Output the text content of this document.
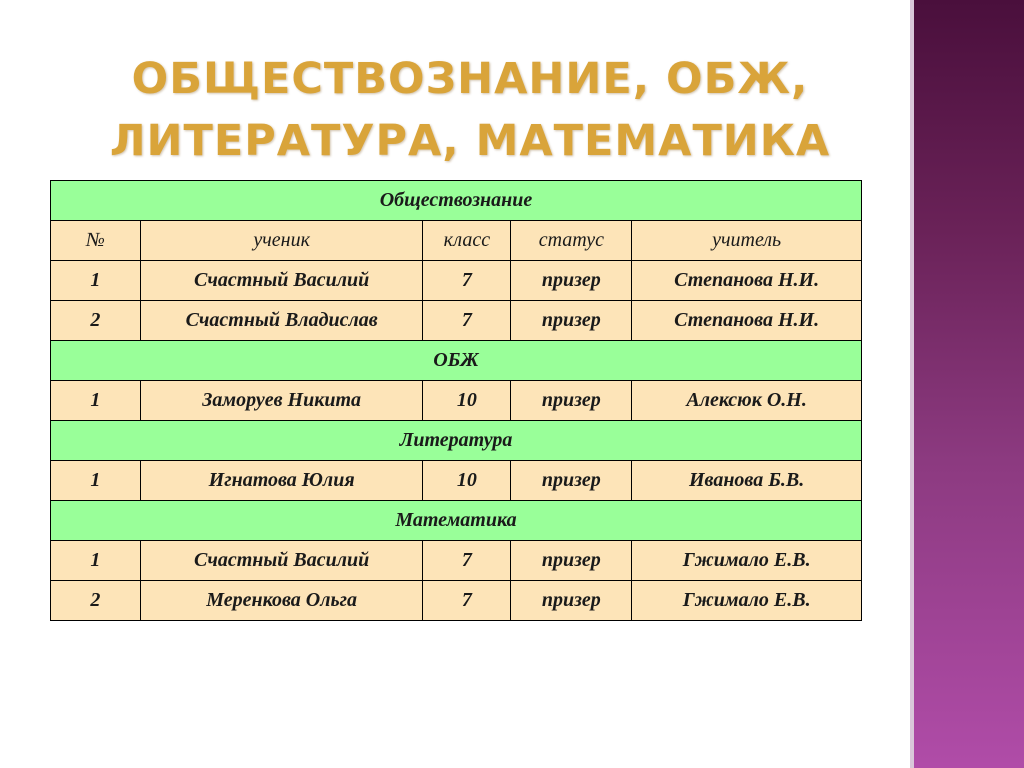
ОБЩЕСТВОЗНАНИЕ, ОБЖ,
ЛИТЕРАТУРА, МАТЕМАТИКА
Обществознание				
№	ученик	класс	статус	учитель
1	Счастный Василий	7	призер	Степанова Н.И.
2	Счастный Владислав	7	призер	Степанова Н.И.
ОБЖ				
1	Заморуев Никита	10	призер	Алексюк О.Н.
Литература				
1	Игнатова Юлия	10	призер	Иванова Б.В.
Математика				
1	Счастный Василий	7	призер	Гжимало Е.В.
2	Меренкова Ольга	7	призер	Гжимало Е.В.
